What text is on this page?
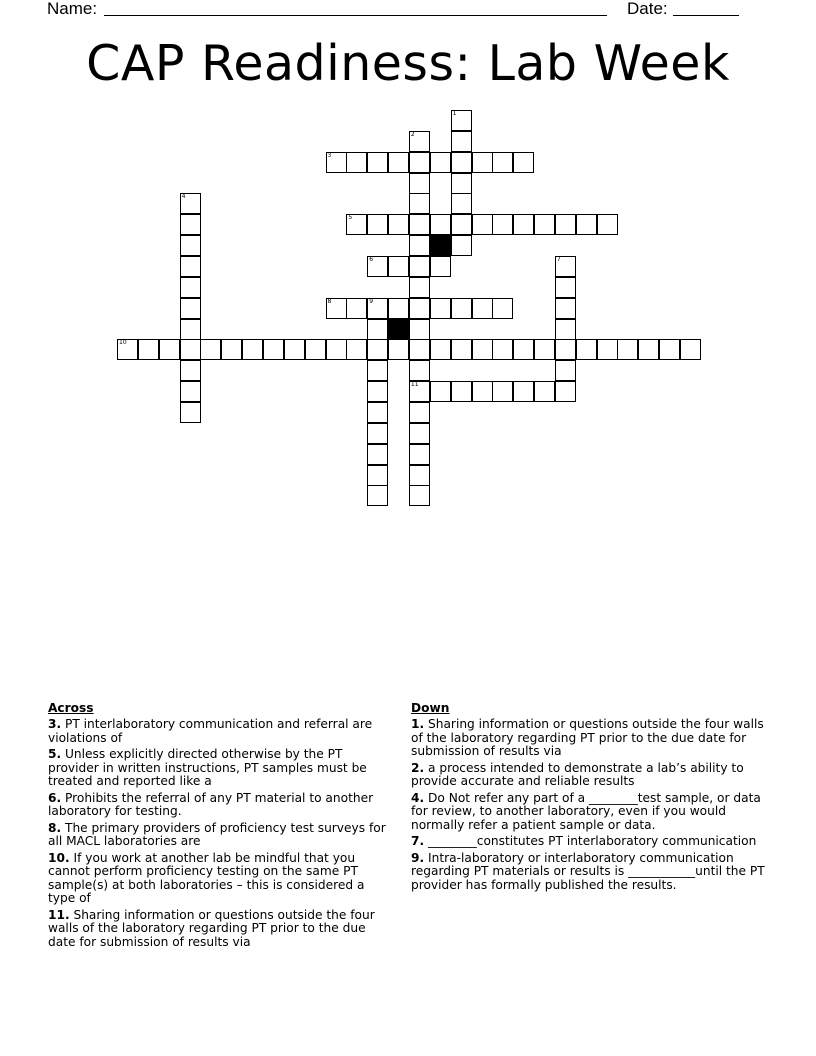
Name:	Date:
CAP Readiness: Lab Week
1
2
11
3
4
5
6	7
8	9
10
Across
3. PT interlaboratory communication and referral are violations of
5. Unless explicitly directed otherwise by the PT provider in written instructions, PT samples must be treated and reported like a
6. Prohibits the referral of any PT material to another laboratory for testing.
8. The primary providers of proficiency test surveys for all MACL laboratories are
10. If you work at another lab be mindful that you cannot perform proficiency testing on the same PT sample(s) at both laboratories – this is considered a type of
11. Sharing information or questions outside the four walls of the laboratory regarding PT prior to the due date for submission of results via
Down
1. Sharing information or questions outside the four walls of the laboratory regarding PT prior to the due date for submission of results via
2. a process intended to demonstrate a lab’s ability to provide accurate and reliable results
4. Do Not refer any part of a ________test sample, or data for review, to another laboratory, even if you would normally refer a patient sample or data.
7. ________constitutes PT interlaboratory communication
9. Intra-laboratory or interlaboratory communication regarding PT materials or results is ___________until the PT provider has formally published the results.
